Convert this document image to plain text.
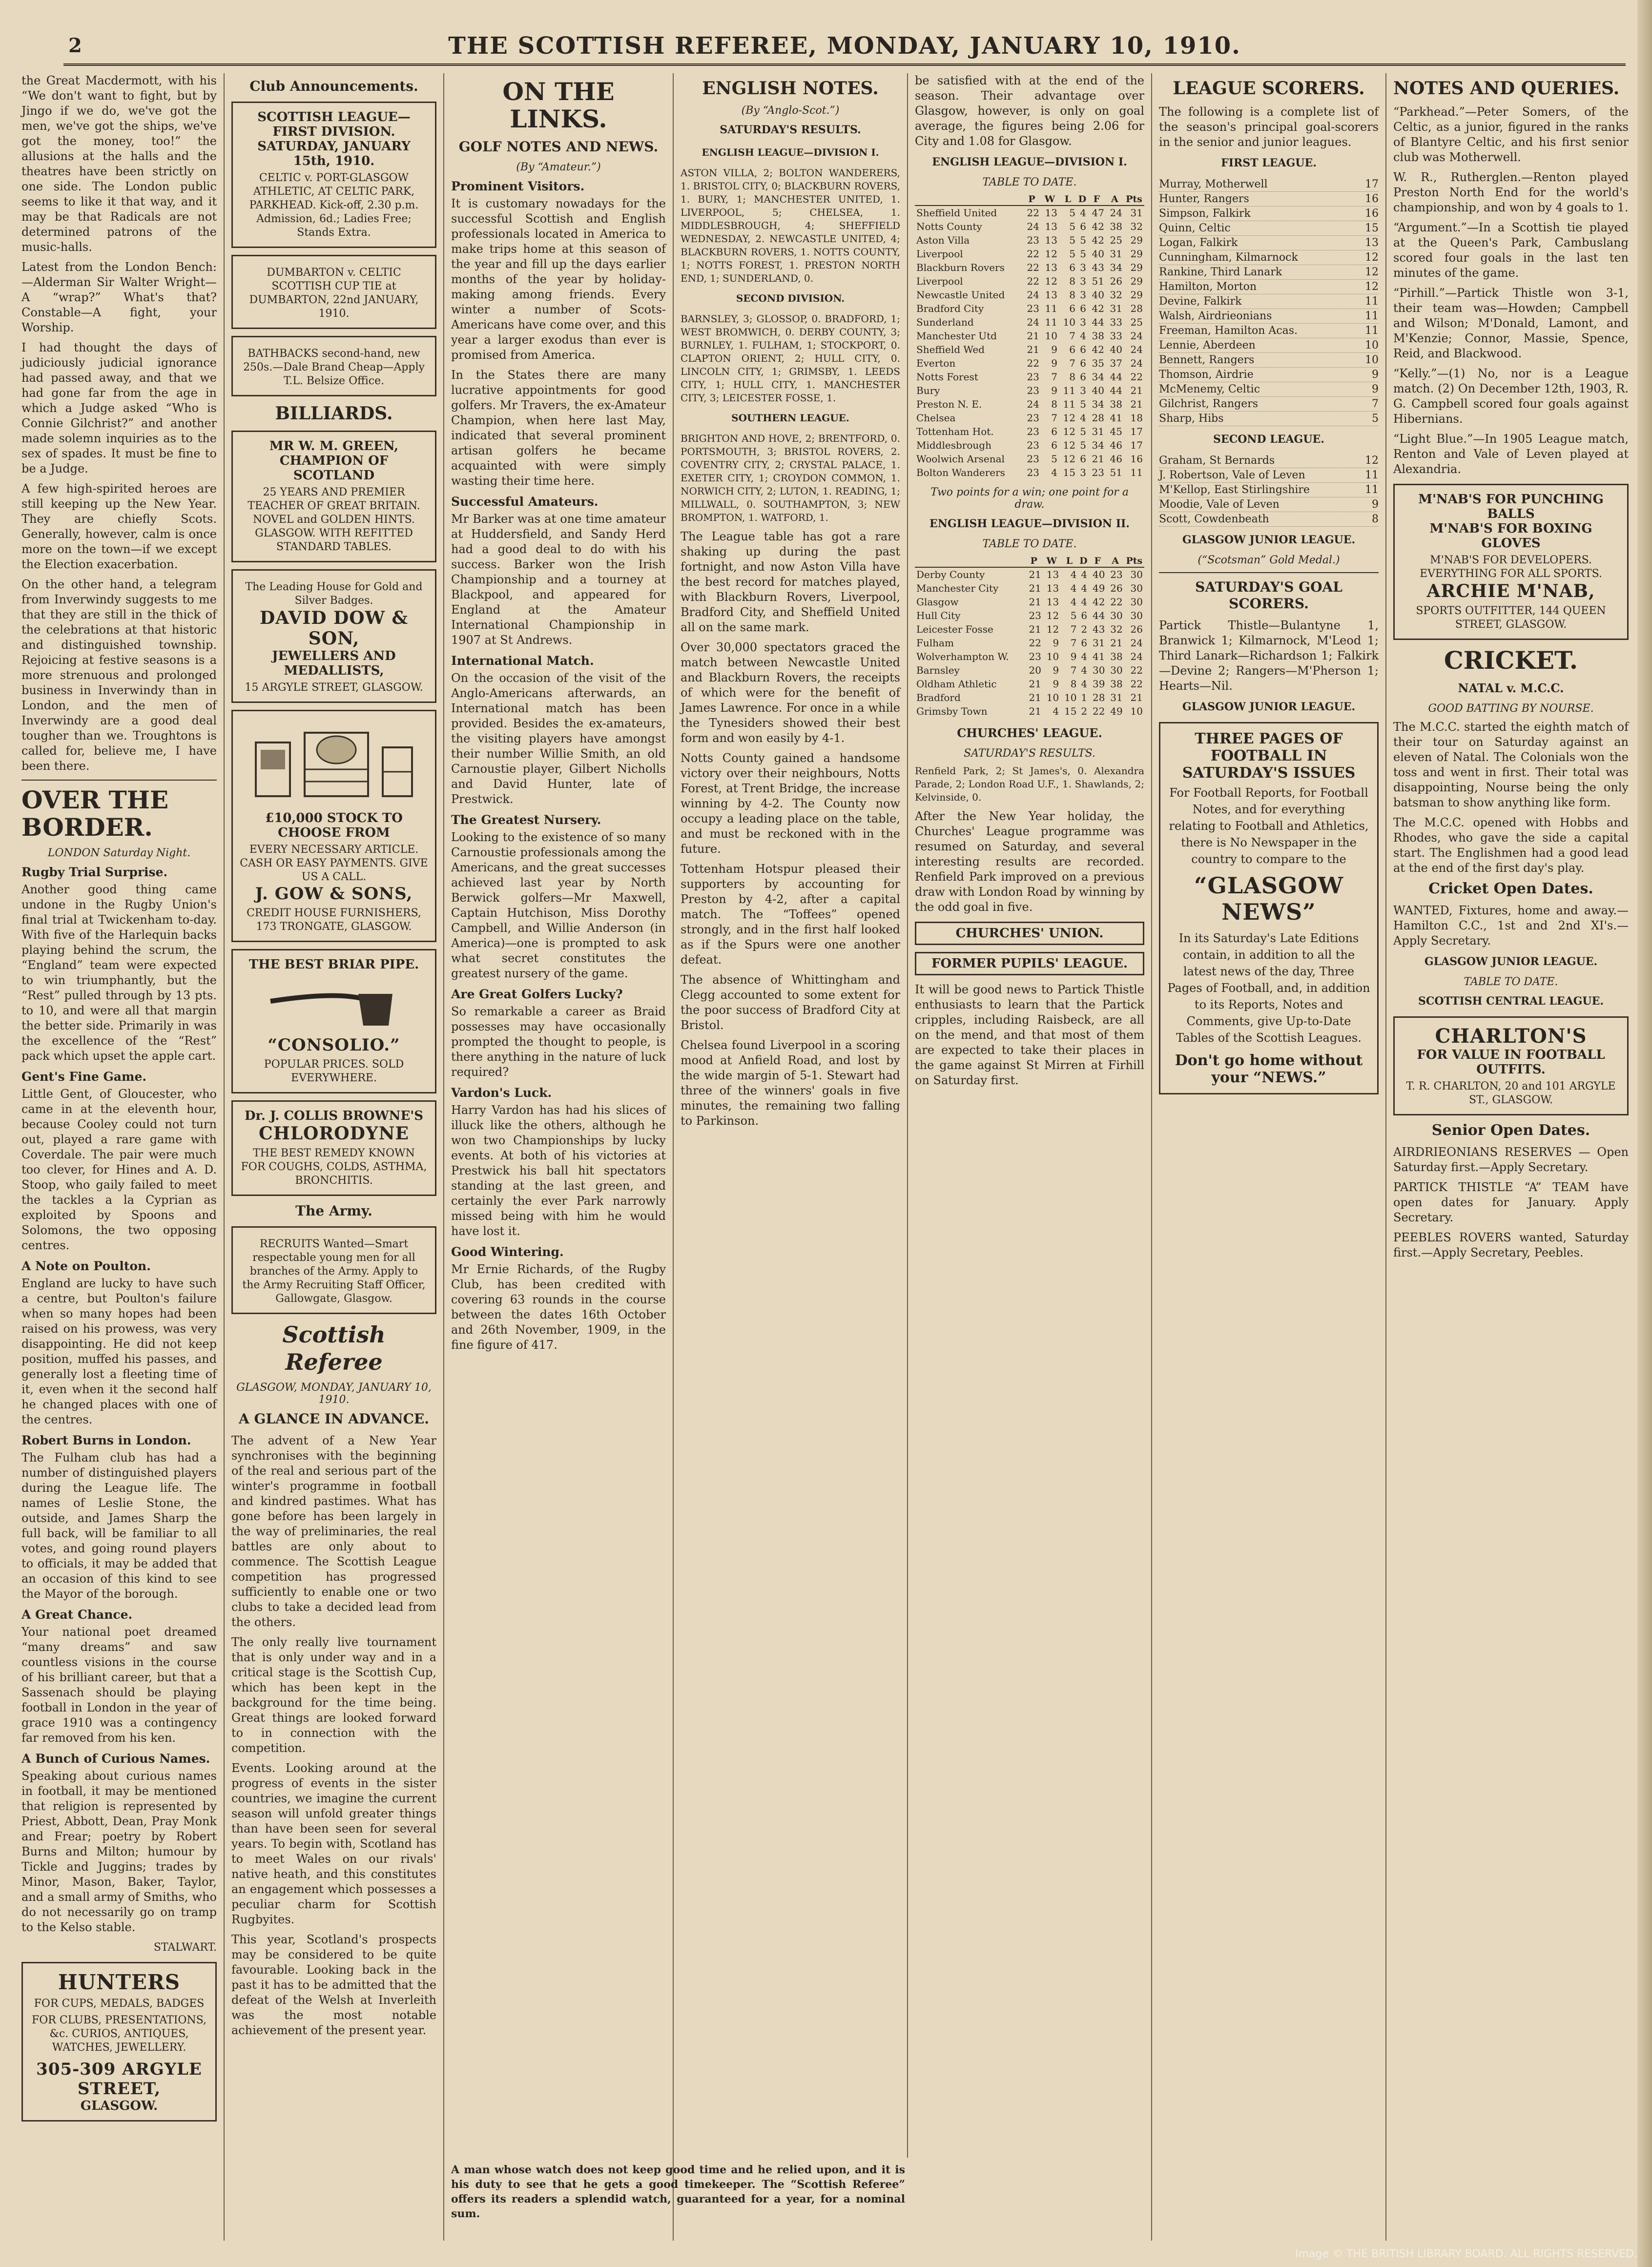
2	THE SCOTTISH REFEREE, MONDAY, JANUARY 10, 1910.

the Great Macdermott, with his “We don't want to fight, but by Jingo if we do, we've got the men, we've got the ships, we've got the money, too!” the allusions at the halls and the theatres have been strictly on one side. The London public seems to like it that way, and it may be that Radicals are not determined patrons of the music-halls.

Latest from the London Bench:—Alderman Sir Walter Wright—A “wrap?” What's that? Constable—A fight, your Worship.

I had thought the days of judiciously judicial ignorance had passed away, and that we had gone far from the age in which a Judge asked “Who is Connie Gilchrist?” and another made solemn inquiries as to the sex of spades. It must be fine to be a Judge.

A few high-spirited heroes are still keeping up the New Year. They are chiefly Scots. Generally, however, calm is once more on the town—if we except the Election exacerbation.

On the other hand, a telegram from Inverwindy suggests to me that they are still in the thick of the celebrations at that historic and distinguished township. Rejoicing at festive seasons is a more strenuous and prolonged business in Inverwindy than in London, and the men of Inverwindy are a good deal tougher than we. Troughtons is called for, believe me, I have been there.

OVER THE BORDER.
LONDON Saturday Night.
Rugby Trial Surprise.

Another good thing came undone in the Rugby Union's final trial at Twickenham to-day. With five of the Harlequin backs playing behind the scrum, the “England” team were expected to win triumphantly, but the “Rest” pulled through by 13 pts. to 10, and were all that margin the better side. Primarily in was the excellence of the “Rest” pack which upset the apple cart.

Gent's Fine Game.

Little Gent, of Gloucester, who came in at the eleventh hour, because Cooley could not turn out, played a rare game with Coverdale. The pair were much too clever, for Hines and A. D. Stoop, who gaily failed to meet the tackles a la Cyprian as exploited by Spoons and Solomons, the two opposing centres.

A Note on Poulton.

England are lucky to have such a centre, but Poulton's failure when so many hopes had been raised on his prowess, was very disappointing. He did not keep position, muffed his passes, and generally lost a fleeting time of it, even when it the second half he changed places with one of the centres.

Robert Burns in London.

The Fulham club has had a number of distinguished players during the League life. The names of Leslie Stone, the outside, and James Sharp the full back, will be familiar to all votes, and going round players to officials, it may be added that an occasion of this kind to see the Mayor of the borough.

A Great Chance.

Your national poet dreamed “many dreams” and saw countless visions in the course of his brilliant career, but that a Sassenach should be playing football in London in the year of grace 1910 was a contingency far removed from his ken.

A Bunch of Curious Names.

Speaking about curious names in football, it may be mentioned that religion is represented by Priest, Abbott, Dean, Pray Monk and Frear; poetry by Robert Burns and Milton; humour by Tickle and Juggins; trades by Minor, Mason, Baker, Taylor, and a small army of Smiths, who do not necessarily go on tramp to the Kelso stable.

STALWART.

HUNTERS
FOR CUPS, MEDALS, BADGES
FOR CLUBS, PRESENTATIONS, &c. CURIOS, ANTIQUES, WATCHES, JEWELLERY.
305-309 ARGYLE STREET,
GLASGOW.
Club Announcements.
SCOTTISH LEAGUE—FIRST DIVISION. SATURDAY, JANUARY 15th, 1910.
CELTIC v. PORT-GLASGOW ATHLETIC, AT CELTIC PARK, PARKHEAD. Kick-off, 2.30 p.m. Admission, 6d.; Ladies Free; Stands Extra.
DUMBARTON v. CELTIC SCOTTISH CUP TIE at DUMBARTON, 22nd JANUARY, 1910.
BATHBACKS second-hand, new 250s.—Dale Brand Cheap—Apply T.L. Belsize Office.
BILLIARDS.
MR W. M. GREEN, CHAMPION OF SCOTLAND
25 YEARS AND PREMIER TEACHER OF GREAT BRITAIN. NOVEL and GOLDEN HINTS. GLASGOW. WITH REFITTED STANDARD TABLES.
The Leading House for Gold and Silver Badges.
DAVID DOW & SON,
JEWELLERS AND MEDALLISTS,
15 ARGYLE STREET, GLASGOW.
£10,000 STOCK TO CHOOSE FROM
EVERY NECESSARY ARTICLE. CASH OR EASY PAYMENTS. GIVE US A CALL.
J. GOW & SONS,
CREDIT HOUSE FURNISHERS, 173 TRONGATE, GLASGOW.
THE BEST BRIAR PIPE.
“CONSOLIO.”
POPULAR PRICES. SOLD EVERYWHERE.
Dr. J. COLLIS BROWNE'S
CHLORODYNE
THE BEST REMEDY KNOWN FOR COUGHS, COLDS, ASTHMA, BRONCHITIS.
The Army.
RECRUITS Wanted—Smart respectable young men for all branches of the Army. Apply to the Army Recruiting Staff Officer, Gallowgate, Glasgow.
Scottish Referee
GLASGOW, MONDAY, JANUARY 10, 1910.
A GLANCE IN ADVANCE.

The advent of a New Year synchronises with the beginning of the real and serious part of the winter's programme in football and kindred pastimes. What has gone before has been largely in the way of preliminaries, the real battles are only about to commence. The Scottish League competition has progressed sufficiently to enable one or two clubs to take a decided lead from the others.

The only really live tournament that is only under way and in a critical stage is the Scottish Cup, which has been kept in the background for the time being. Great things are looked forward to in connection with the competition.

Events. Looking around at the progress of events in the sister countries, we imagine the current season will unfold greater things than have been seen for several years. To begin with, Scotland has to meet Wales on our rivals' native heath, and this constitutes an engagement which possesses a peculiar charm for Scottish Rugbyites.

This year, Scotland's prospects may be considered to be quite favourable. Looking back in the past it has to be admitted that the defeat of the Welsh at Inverleith was the most notable achievement of the present year.

ON THE LINKS.
GOLF NOTES AND NEWS.
(By “Amateur.”)
Prominent Visitors.

It is customary nowadays for the successful Scottish and English professionals located in America to make trips home at this season of the year and fill up the days earlier months of the year by holiday-making among friends. Every winter a number of Scots-Americans have come over, and this year a larger exodus than ever is promised from America.

In the States there are many lucrative appointments for good golfers. Mr Travers, the ex-Amateur Champion, when here last May, indicated that several prominent artisan golfers he became acquainted with were simply wasting their time here.

Successful Amateurs.

Mr Barker was at one time amateur at Huddersfield, and Sandy Herd had a good deal to do with his success. Barker won the Irish Championship and a tourney at Blackpool, and appeared for England at the Amateur International Championship in 1907 at St Andrews.

International Match.

On the occasion of the visit of the Anglo-Americans afterwards, an International match has been provided. Besides the ex-amateurs, the visiting players have amongst their number Willie Smith, an old Carnoustie player, Gilbert Nicholls and David Hunter, late of Prestwick.

The Greatest Nursery.

Looking to the existence of so many Carnoustie professionals among the Americans, and the great successes achieved last year by North Berwick golfers—Mr Maxwell, Captain Hutchison, Miss Dorothy Campbell, and Willie Anderson (in America)—one is prompted to ask what secret constitutes the greatest nursery of the game.

Are Great Golfers Lucky?

So remarkable a career as Braid possesses may have occasionally prompted the thought to people, is there anything in the nature of luck required?

Vardon's Luck.

Harry Vardon has had his slices of illuck like the others, although he won two Championships by lucky events. At both of his victories at Prestwick his ball hit spectators standing at the last green, and certainly the ever Park narrowly missed being with him he would have lost it.

Good Wintering.

Mr Ernie Richards, of the Rugby Club, has been credited with covering 63 rounds in the course between the dates 16th October and 26th November, 1909, in the fine figure of 417.

A man whose watch does not keep good time and he relied upon, and it is his duty to see that he gets a good timekeeper. The “Scottish Referee” offers its readers a splendid watch, guaranteed for a year, for a nominal sum.
ENGLISH NOTES.
(By “Anglo-Scot.”)
SATURDAY'S RESULTS.
ENGLISH LEAGUE—DIVISION I.

ASTON VILLA, 2; BOLTON WANDERERS, 1. BRISTOL CITY, 0; BLACKBURN ROVERS, 1. BURY, 1; MANCHESTER UNITED, 1. LIVERPOOL, 5; CHELSEA, 1. MIDDLESBROUGH, 4; SHEFFIELD WEDNESDAY, 2. NEWCASTLE UNITED, 4; BLACKBURN ROVERS, 1. NOTTS COUNTY, 1; NOTTS FOREST, 1. PRESTON NORTH END, 1; SUNDERLAND, 0.

SECOND DIVISION.

BARNSLEY, 3; GLOSSOP, 0. BRADFORD, 1; WEST BROMWICH, 0. DERBY COUNTY, 3; BURNLEY, 1. FULHAM, 1; STOCKPORT, 0. CLAPTON ORIENT, 2; HULL CITY, 0. LINCOLN CITY, 1; GRIMSBY, 1. LEEDS CITY, 1; HULL CITY, 1. MANCHESTER CITY, 3; LEICESTER FOSSE, 1.

SOUTHERN LEAGUE.

BRIGHTON AND HOVE, 2; BRENTFORD, 0. PORTSMOUTH, 3; BRISTOL ROVERS, 2. COVENTRY CITY, 2; CRYSTAL PALACE, 1. EXETER CITY, 1; CROYDON COMMON, 1. NORWICH CITY, 2; LUTON, 1. READING, 1; MILLWALL, 0. SOUTHAMPTON, 3; NEW BROMPTON, 1. WATFORD, 1.

The League table has got a rare shaking up during the past fortnight, and now Aston Villa have the best record for matches played, with Blackburn Rovers, Liverpool, Bradford City, and Sheffield United all on the same mark.

Over 30,000 spectators graced the match between Newcastle United and Blackburn Rovers, the receipts of which were for the benefit of James Lawrence. For once in a while the Tynesiders showed their best form and won easily by 4-1.

Notts County gained a handsome victory over their neighbours, Notts Forest, at Trent Bridge, the increase winning by 4-2. The County now occupy a leading place on the table, and must be reckoned with in the future.

Tottenham Hotspur pleased their supporters by accounting for Preston by 4-2, after a capital match. The “Toffees” opened strongly, and in the first half looked as if the Spurs were one another defeat.

The absence of Whittingham and Clegg accounted to some extent for the poor success of Bradford City at Bristol.

Chelsea found Liverpool in a scoring mood at Anfield Road, and lost by the wide margin of 5-1. Stewart had three of the winners' goals in five minutes, the remaining two falling to Parkinson.

be satisfied with at the end of the season. Their advantage over Glasgow, however, is only on goal average, the figures being 2.06 for City and 1.08 for Glasgow.

ENGLISH LEAGUE—DIVISION I.
TABLE TO DATE.
	P	W	L	D	F	A	Pts
Sheffield United	22	13	5	4	47	24	31
Notts County	24	13	5	6	42	38	32
Aston Villa	23	13	5	5	42	25	29
Liverpool	22	12	5	5	40	31	29
Blackburn Rovers	22	13	6	3	43	34	29
Liverpool	22	12	8	3	51	26	29
Newcastle United	24	13	8	3	40	32	29
Bradford City	23	11	6	6	42	31	28
Sunderland	24	11	10	3	44	33	25
Manchester Utd	21	10	7	4	38	33	24
Sheffield Wed	21	9	6	6	42	40	24
Everton	22	9	7	6	35	37	24
Notts Forest	23	7	8	6	34	44	22
Bury	23	9	11	3	40	44	21
Preston N. E.	24	8	11	5	34	38	21
Chelsea	23	7	12	4	28	41	18
Tottenham Hot.	23	6	12	5	31	45	17
Middlesbrough	23	6	12	5	34	46	17
Woolwich Arsenal	23	5	12	6	21	46	16
Bolton Wanderers	23	4	15	3	23	51	11
Two points for a win; one point for a draw.
ENGLISH LEAGUE—DIVISION II.
TABLE TO DATE.
	P	W	L	D	F	A	Pts
Derby County	21	13	4	4	40	23	30
Manchester City	21	13	4	4	49	26	30
Glasgow	21	13	4	4	42	22	30
Hull City	23	12	5	6	44	30	30
Leicester Fosse	21	12	7	2	43	32	26
Fulham	22	9	7	6	31	21	24
Wolverhampton W.	23	10	9	4	41	38	24
Barnsley	20	9	7	4	30	30	22
Oldham Athletic	21	9	8	4	39	38	22
Bradford	21	10	10	1	28	31	21
Grimsby Town	21	4	15	2	22	49	10
CHURCHES' LEAGUE.
SATURDAY'S RESULTS.

Renfield Park, 2; St James's, 0. Alexandra Parade, 2; London Road U.F., 1. Shawlands, 2; Kelvinside, 0.

After the New Year holiday, the Churches' League programme was resumed on Saturday, and several interesting results are recorded. Renfield Park improved on a previous draw with London Road by winning by the odd goal in five.

CHURCHES' UNION.
FORMER PUPILS' LEAGUE.

It will be good news to Partick Thistle enthusiasts to learn that the Partick cripples, including Raisbeck, are all on the mend, and that most of them are expected to take their places in the game against St Mirren at Firhill on Saturday first.

LEAGUE SCORERS.

The following is a complete list of the season's principal goal-scorers in the senior and junior leagues.

FIRST LEAGUE.
Murray, Motherwell	17
Hunter, Rangers	16
Simpson, Falkirk	16
Quinn, Celtic	15
Logan, Falkirk	13
Cunningham, Kilmarnock	12
Rankine, Third Lanark	12
Hamilton, Morton	12
Devine, Falkirk	11
Walsh, Airdrieonians	11
Freeman, Hamilton Acas.	11
Lennie, Aberdeen	10
Bennett, Rangers	10
Thomson, Airdrie	9
McMenemy, Celtic	9
Gilchrist, Rangers	7
Sharp, Hibs	5
SECOND LEAGUE.
Graham, St Bernards	12
J. Robertson, Vale of Leven	11
M'Kellop, East Stirlingshire	11
Moodie, Vale of Leven	9
Scott, Cowdenbeath	8
GLASGOW JUNIOR LEAGUE.
(“Scotsman” Gold Medal.)
SATURDAY'S GOAL SCORERS.

Partick Thistle—Bulantyne 1, Branwick 1; Kilmarnock, M'Leod 1; Third Lanark—Richardson 1; Falkirk—Devine 2; Rangers—M'Pherson 1; Hearts—Nil.

GLASGOW JUNIOR LEAGUE.
THREE PAGES OF FOOTBALL IN SATURDAY'S ISSUES
For Football Reports, for Football Notes, and for everything relating to Football and Athletics, there is No Newspaper in the country to compare to the
“GLASGOW NEWS”
In its Saturday's Late Editions contain, in addition to all the latest news of the day, Three Pages of Football, and, in addition to its Reports, Notes and Comments, give Up-to-Date Tables of the Scottish Leagues.
Don't go home without your “NEWS.”
NOTES AND QUERIES.

“Parkhead.”—Peter Somers, of the Celtic, as a junior, figured in the ranks of Blantyre Celtic, and his first senior club was Motherwell.

W. R., Rutherglen.—Renton played Preston North End for the world's championship, and won by 4 goals to 1.

“Argument.”—In a Scottish tie played at the Queen's Park, Cambuslang scored four goals in the last ten minutes of the game.

“Pirhill.”—Partick Thistle won 3-1, their team was—Howden; Campbell and Wilson; M'Donald, Lamont, and M'Kenzie; Connor, Massie, Spence, Reid, and Blackwood.

“Kelly.”—(1) No, nor is a League match. (2) On December 12th, 1903, R. G. Campbell scored four goals against Hibernians.

“Light Blue.”—In 1905 League match, Renton and Vale of Leven played at Alexandria.

M'NAB'S FOR PUNCHING BALLS
M'NAB'S FOR BOXING GLOVES
M'NAB'S FOR DEVELOPERS. EVERYTHING FOR ALL SPORTS.
ARCHIE M'NAB,
SPORTS OUTFITTER, 144 QUEEN STREET, GLASGOW.
CRICKET.
NATAL v. M.C.C.
GOOD BATTING BY NOURSE.

The M.C.C. started the eighth match of their tour on Saturday against an eleven of Natal. The Colonials won the toss and went in first. Their total was disappointing, Nourse being the only batsman to show anything like form.

The M.C.C. opened with Hobbs and Rhodes, who gave the side a capital start. The Englishmen had a good lead at the end of the first day's play.

Cricket Open Dates.

WANTED, Fixtures, home and away.—Hamilton C.C., 1st and 2nd XI's.—Apply Secretary.

GLASGOW JUNIOR LEAGUE.
TABLE TO DATE.
SCOTTISH CENTRAL LEAGUE.
CHARLTON'S
FOR VALUE IN FOOTBALL OUTFITS.
T. R. CHARLTON, 20 and 101 ARGYLE ST., GLASGOW.
Senior Open Dates.

AIRDRIEONIANS RESERVES — Open Saturday first.—Apply Secretary.

PARTICK THISTLE “A” TEAM have open dates for January. Apply Secretary.

PEEBLES ROVERS wanted, Saturday first.—Apply Secretary, Peebles.

Image © THE BRITISH LIBRARY BOARD. ALL RIGHTS RESERVED.
